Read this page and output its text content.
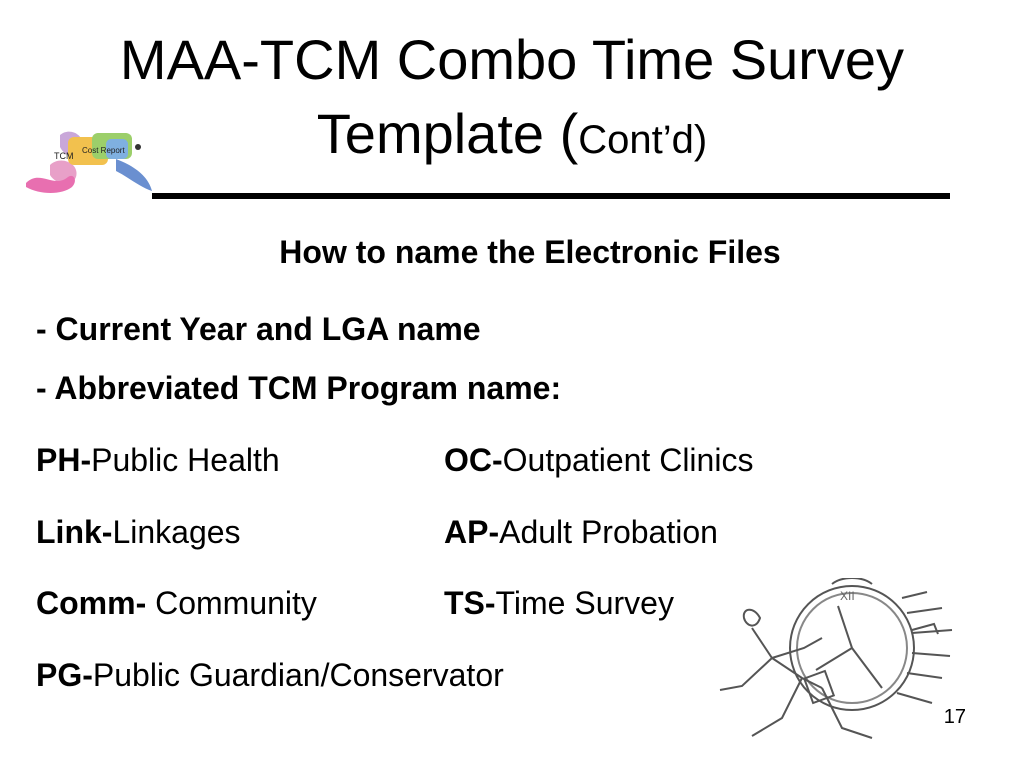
MAA-TCM Combo Time Survey
Template (Cont’d)
TCM
Cost Report
How to name the Electronic Files
- Current Year and LGA name
- Abbreviated TCM Program name:
PH-Public Health	OC-Outpatient Clinics
Link-Linkages	AP-Adult Probation
Comm- Community	TS-Time Survey
PG-Public Guardian/Conservator
XII
17
